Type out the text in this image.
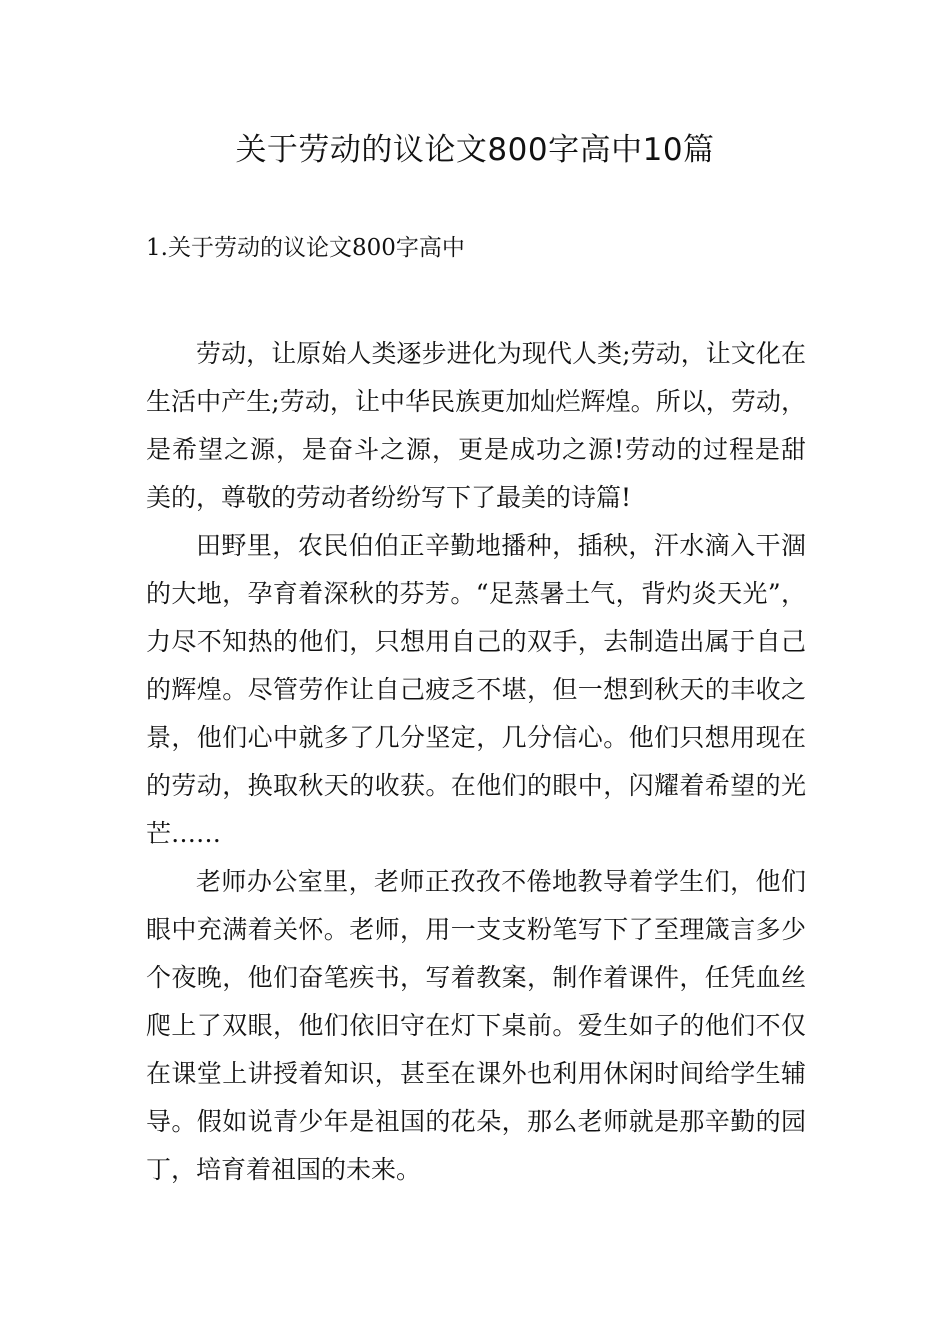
关于劳动的议论文800字高中10篇
1.关于劳动的议论文800字高中

劳动，让原始人类逐步进化为现代人类;劳动，让文化在生活中产生;劳动，让中华民族更加灿烂辉煌。所以，劳动，是希望之源，是奋斗之源，更是成功之源!劳动的过程是甜美的，尊敬的劳动者纷纷写下了最美的诗篇!

田野里，农民伯伯正辛勤地播种，插秧，汗水滴入干涸的大地，孕育着深秋的芬芳。“足蒸暑土气，背灼炎天光”，力尽不知热的他们，只想用自己的双手，去制造出属于自己的辉煌。尽管劳作让自己疲乏不堪，但一想到秋天的丰收之景，他们心中就多了几分坚定，几分信心。他们只想用现在的劳动，换取秋天的收获。在他们的眼中，闪耀着希望的光芒……

老师办公室里，老师正孜孜不倦地教导着学生们，他们眼中充满着关怀。老师，用一支支粉笔写下了至理箴言多少个夜晚，他们奋笔疾书，写着教案，制作着课件，任凭血丝爬上了双眼，他们依旧守在灯下桌前。爱生如子的他们不仅在课堂上讲授着知识，甚至在课外也利用休闲时间给学生辅导。假如说青少年是祖国的花朵，那么老师就是那辛勤的园丁，培育着祖国的未来。
